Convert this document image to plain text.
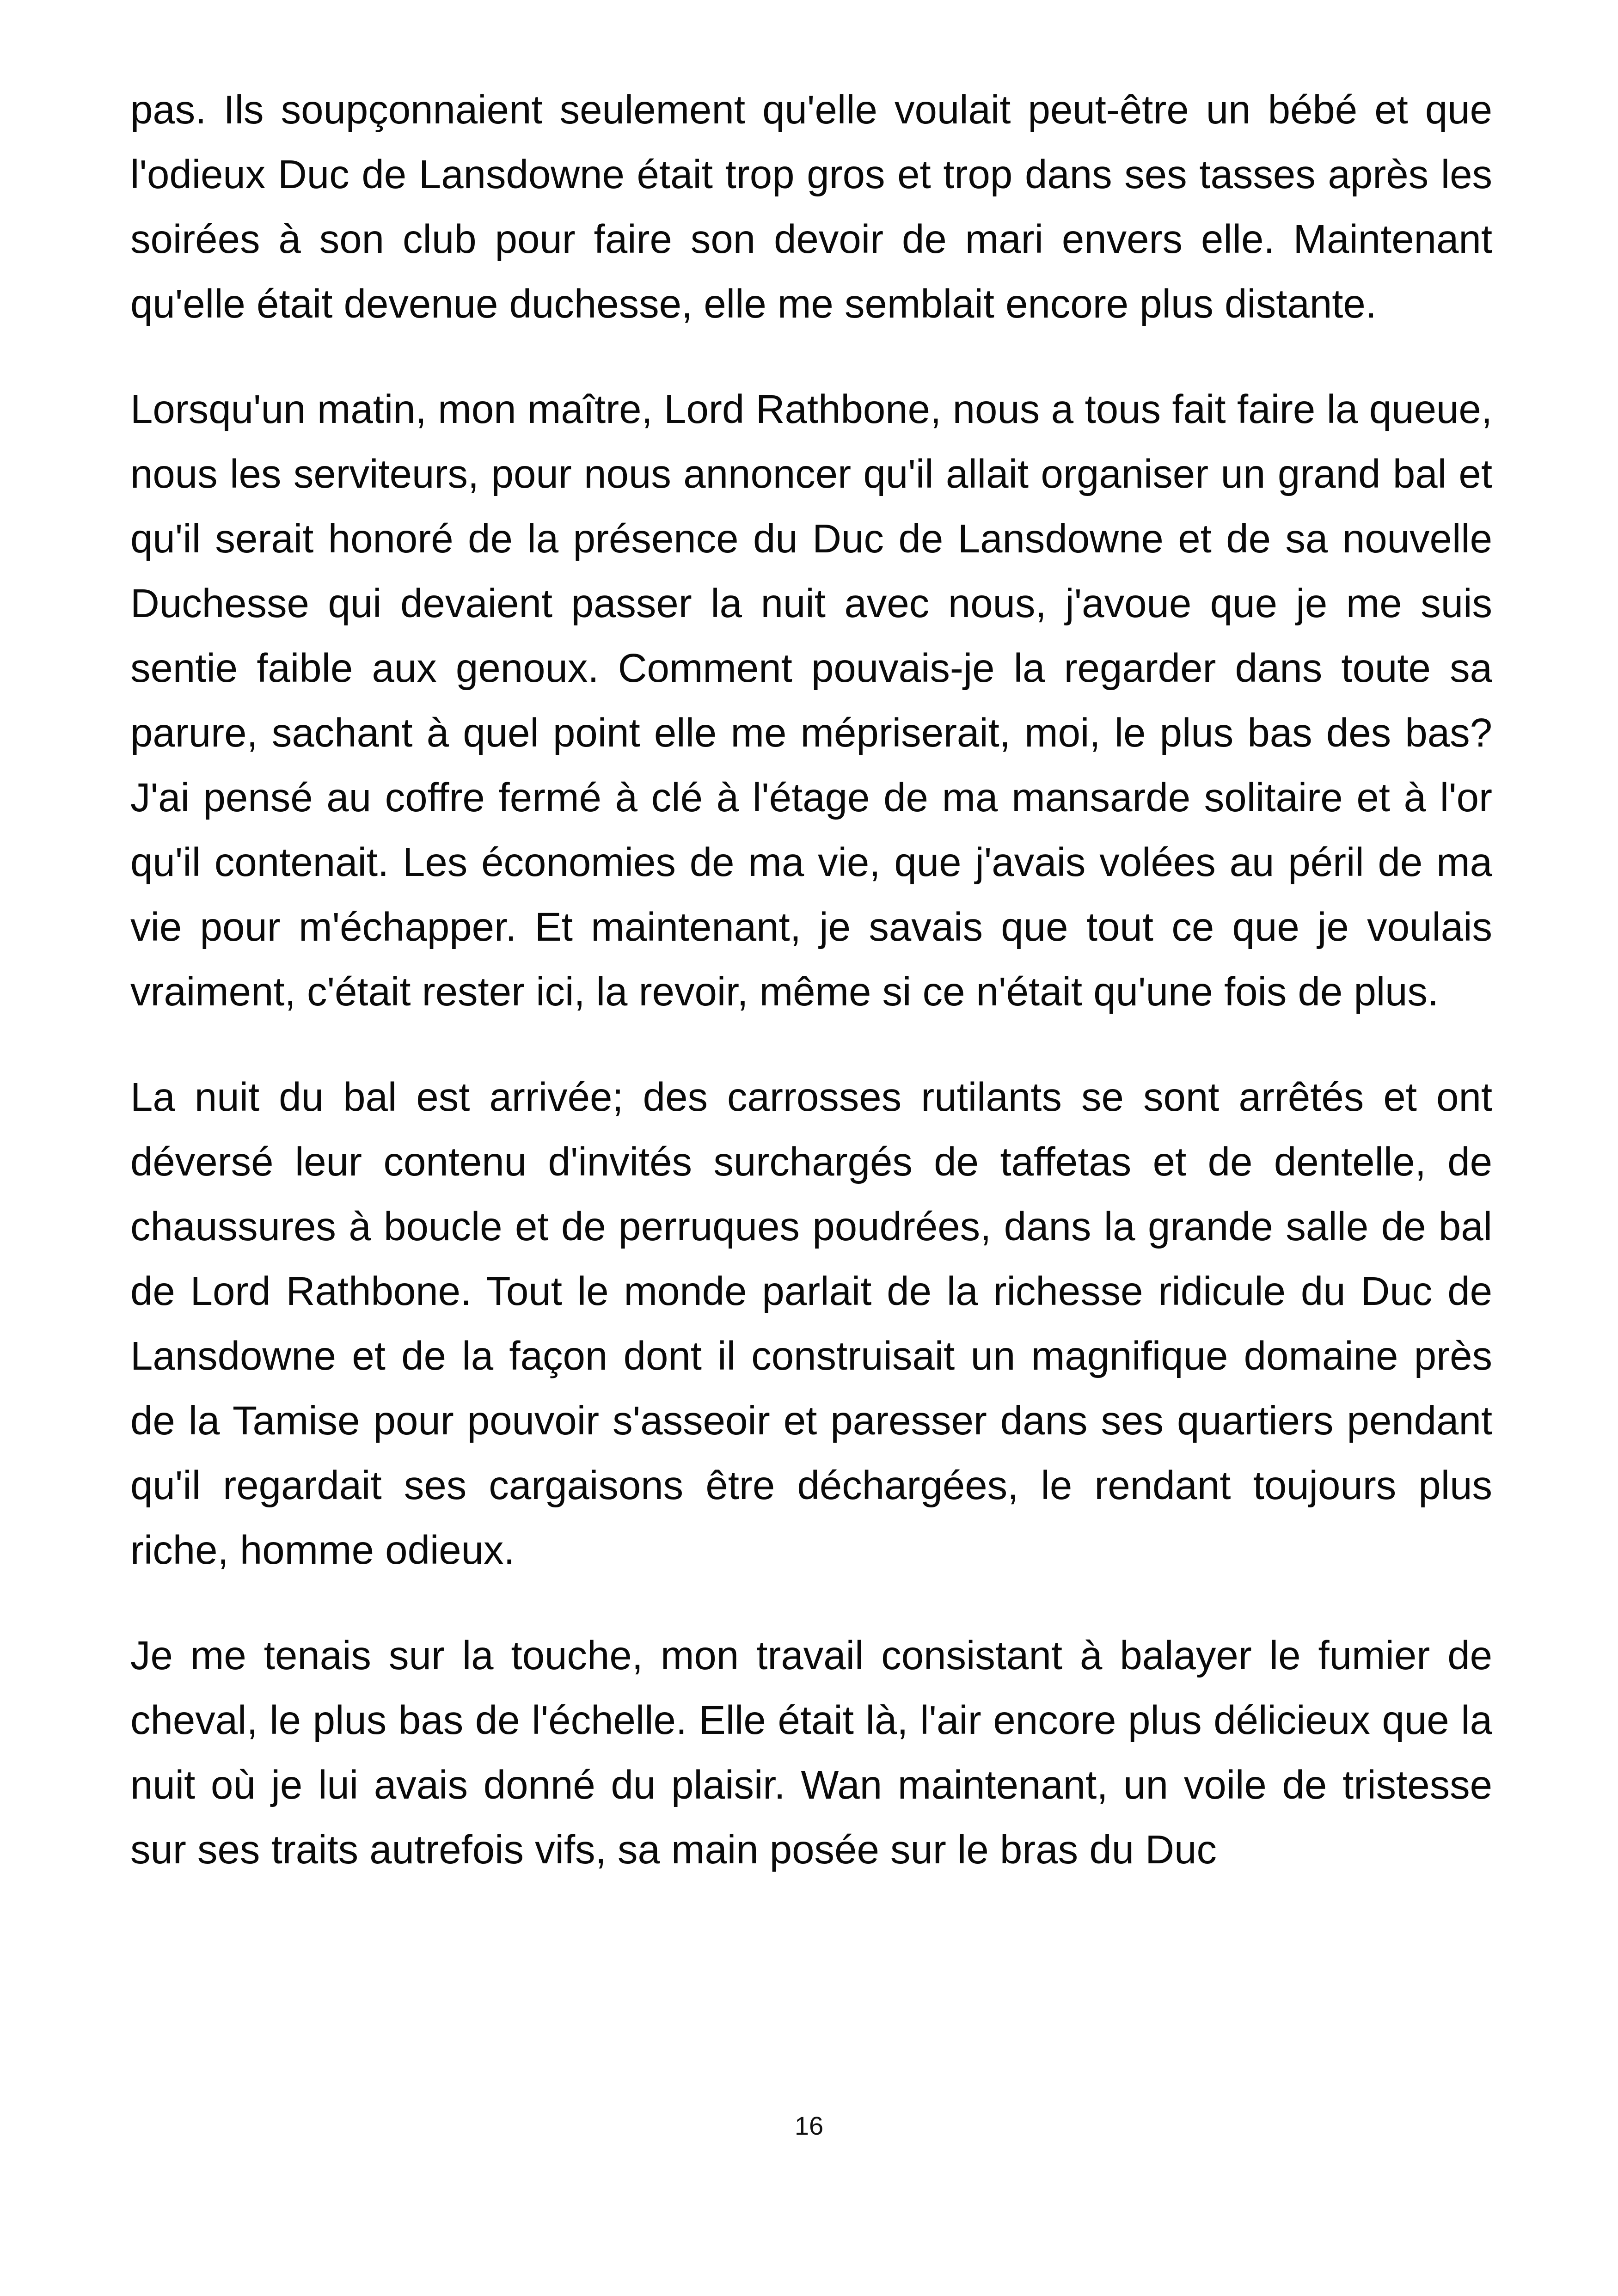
pas. Ils soupçonnaient seulement qu'elle voulait peut-être un bébé et que l'odieux Duc de Lansdowne était trop gros et trop dans ses tasses après les soirées à son club pour faire son devoir de mari envers elle. Maintenant qu'elle était devenue duchesse, elle me semblait encore plus distante.

Lorsqu'un matin, mon maître, Lord Rathbone, nous a tous fait faire la queue, nous les serviteurs, pour nous annoncer qu'il allait organiser un grand bal et qu'il serait honoré de la présence du Duc de Lansdowne et de sa nouvelle Duchesse qui devaient passer la nuit avec nous, j'avoue que je me suis sentie faible aux genoux. Comment pouvais-je la regarder dans toute sa parure, sachant à quel point elle me mépriserait, moi, le plus bas des bas? J'ai pensé au coffre fermé à clé à l'étage de ma mansarde solitaire et à l'or qu'il contenait. Les économies de ma vie, que j'avais volées au péril de ma vie pour m'échapper. Et maintenant, je savais que tout ce que je voulais vraiment, c'était rester ici, la revoir, même si ce n'était qu'une fois de plus.

La nuit du bal est arrivée; des carrosses rutilants se sont arrêtés et ont déversé leur contenu d'invités surchargés de taffetas et de dentelle, de chaussures à boucle et de perruques poudrées, dans la grande salle de bal de Lord Rathbone. Tout le monde parlait de la richesse ridicule du Duc de Lansdowne et de la façon dont il construisait un magnifique domaine près de la Tamise pour pouvoir s'asseoir et paresser dans ses quartiers pendant qu'il regardait ses cargaisons être déchargées, le rendant toujours plus riche, homme odieux.

Je me tenais sur la touche, mon travail consistant à balayer le fumier de cheval, le plus bas de l'échelle. Elle était là, l'air encore plus délicieux que la nuit où je lui avais donné du plaisir. Wan maintenant, un voile de tristesse sur ses traits autrefois vifs, sa main posée sur le bras du Duc

16
